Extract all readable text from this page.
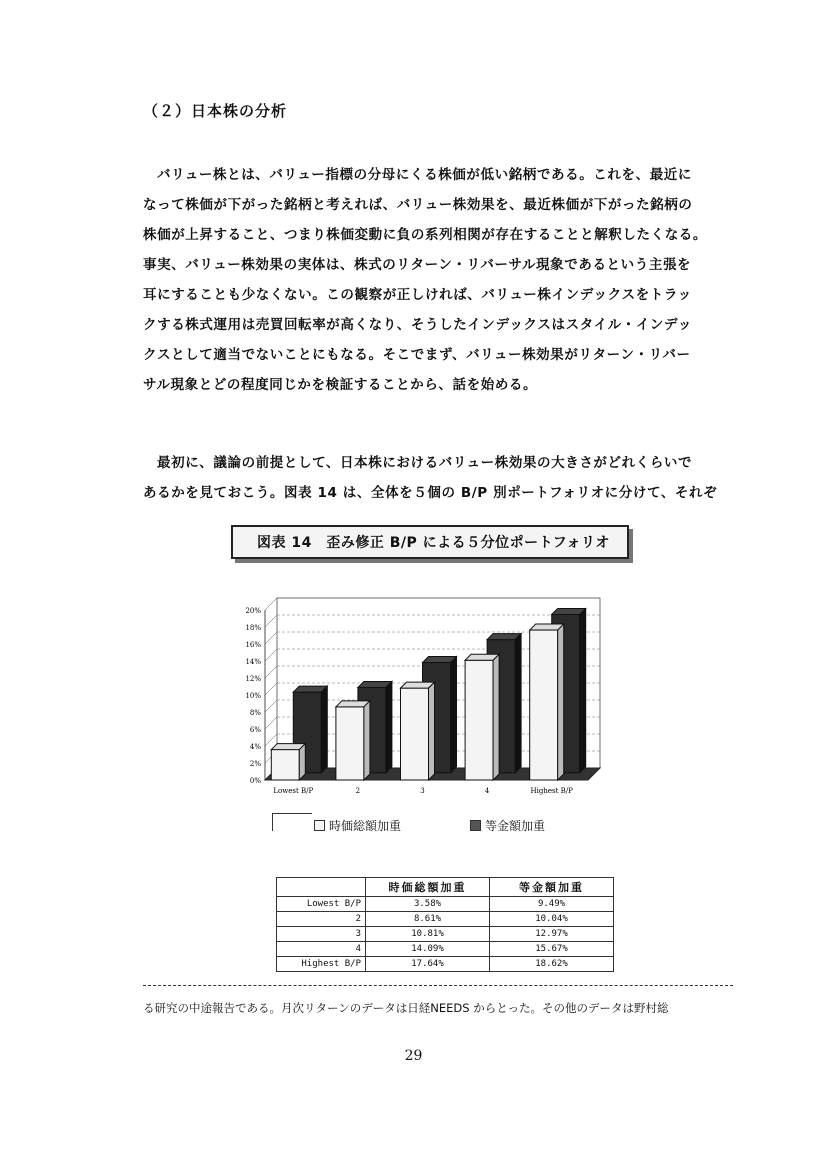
（２）日本株の分析
バリュー株とは、バリュー指標の分母にくる株価が低い銘柄である。これを、最近に
なって株価が下がった銘柄と考えれば、バリュー株効果を、最近株価が下がった銘柄の
株価が上昇すること、つまり株価変動に負の系列相関が存在することと解釈したくなる。
事実、バリュー株効果の実体は、株式のリターン・リバーサル現象であるという主張を
耳にすることも少なくない。この観察が正しければ、バリュー株インデックスをトラッ
クする株式運用は売買回転率が高くなり、そうしたインデックスはスタイル・インデッ
クスとして適当でないことにもなる。そこでまず、バリュー株効果がリターン・リバー
サル現象とどの程度同じかを検証することから、話を始める。
最初に、議論の前提として、日本株におけるバリュー株効果の大きさがどれくらいで
あるかを見ておこう。図表 14 は、全体を５個の B/P 別ポートフォリオに分けて、それぞ
図表 14　歪み修正 B/P による５分位ポートフォリオ
0%
2%
4%
6%
8%
10%
12%
14%
16%
18%
20%
Lowest B/P	2	3	4	Highest B/P
時価総額加重	等金額加重
	時価総額加重	等金額加重
Lowest B/P	3.58%	9.49%
2	8.61%	10.04%
3	10.81%	12.97%
4	14.09%	15.67%
Highest B/P	17.64%	18.62%
る研究の中途報告である。月次リターンのデータは日経NEEDS からとった。その他のデータは野村総
29
